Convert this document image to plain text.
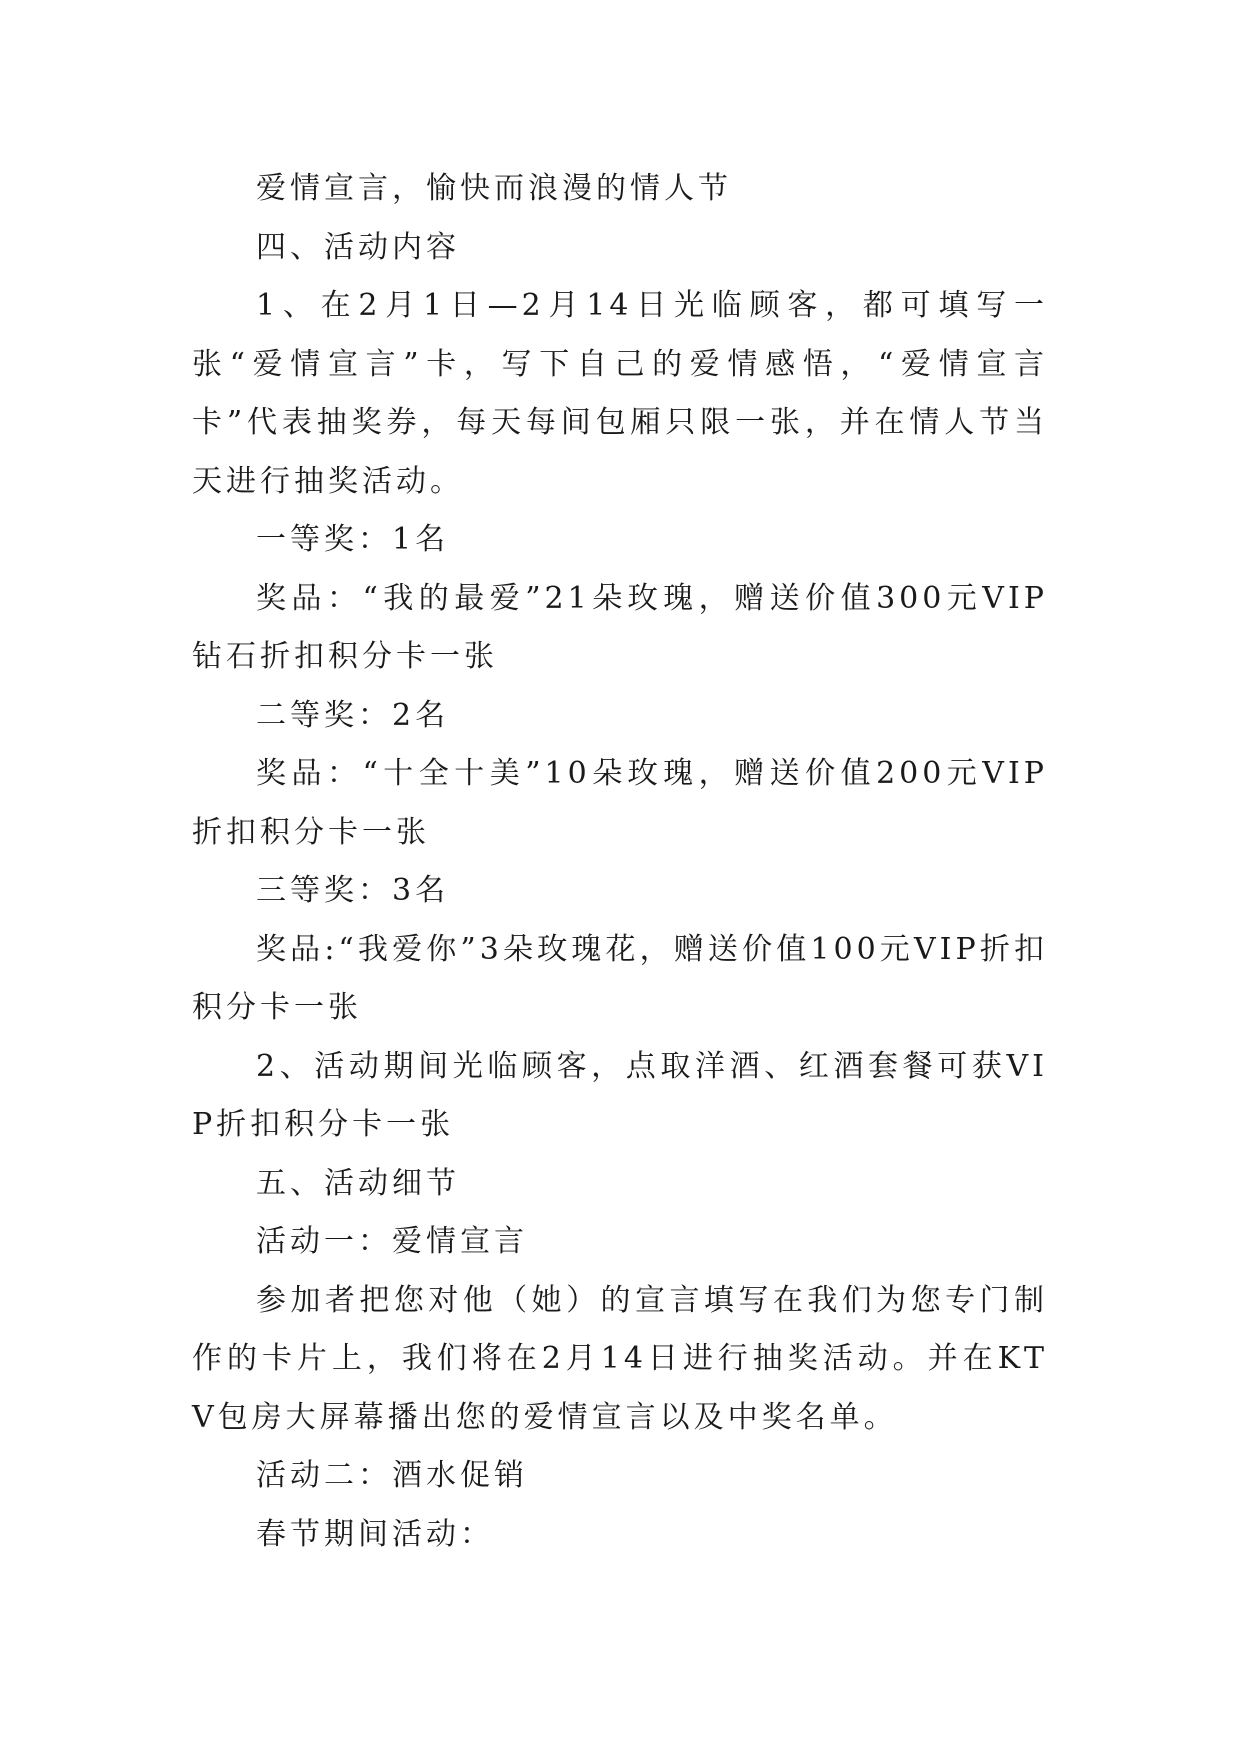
爱情宣言，愉快而浪漫的情人节

四、活动内容

1、在2月1日—2月14日光临顾客，都可填写一张“爱情宣言”卡，写下自己的爱情感悟，“爱情宣言卡”代表抽奖券，每天每间包厢只限一张，并在情人节当天进行抽奖活动。

一等奖：1名

奖品：“我的最爱”21朵玫瑰，赠送价值300元VIP钻石折扣积分卡一张

二等奖：2名

奖品：“十全十美”10朵玫瑰，赠送价值200元VIP折扣积分卡一张

三等奖：3名

奖品:“我爱你”3朵玫瑰花，赠送价值100元VIP折扣积分卡一张

2、活动期间光临顾客，点取洋酒、红酒套餐可获VIP折扣积分卡一张

五、活动细节

活动一：爱情宣言

参加者把您对他（她）的宣言填写在我们为您专门制作的卡片上，我们将在2月14日进行抽奖活动。并在KTV包房大屏幕播出您的爱情宣言以及中奖名单。

活动二：酒水促销

春节期间活动：
